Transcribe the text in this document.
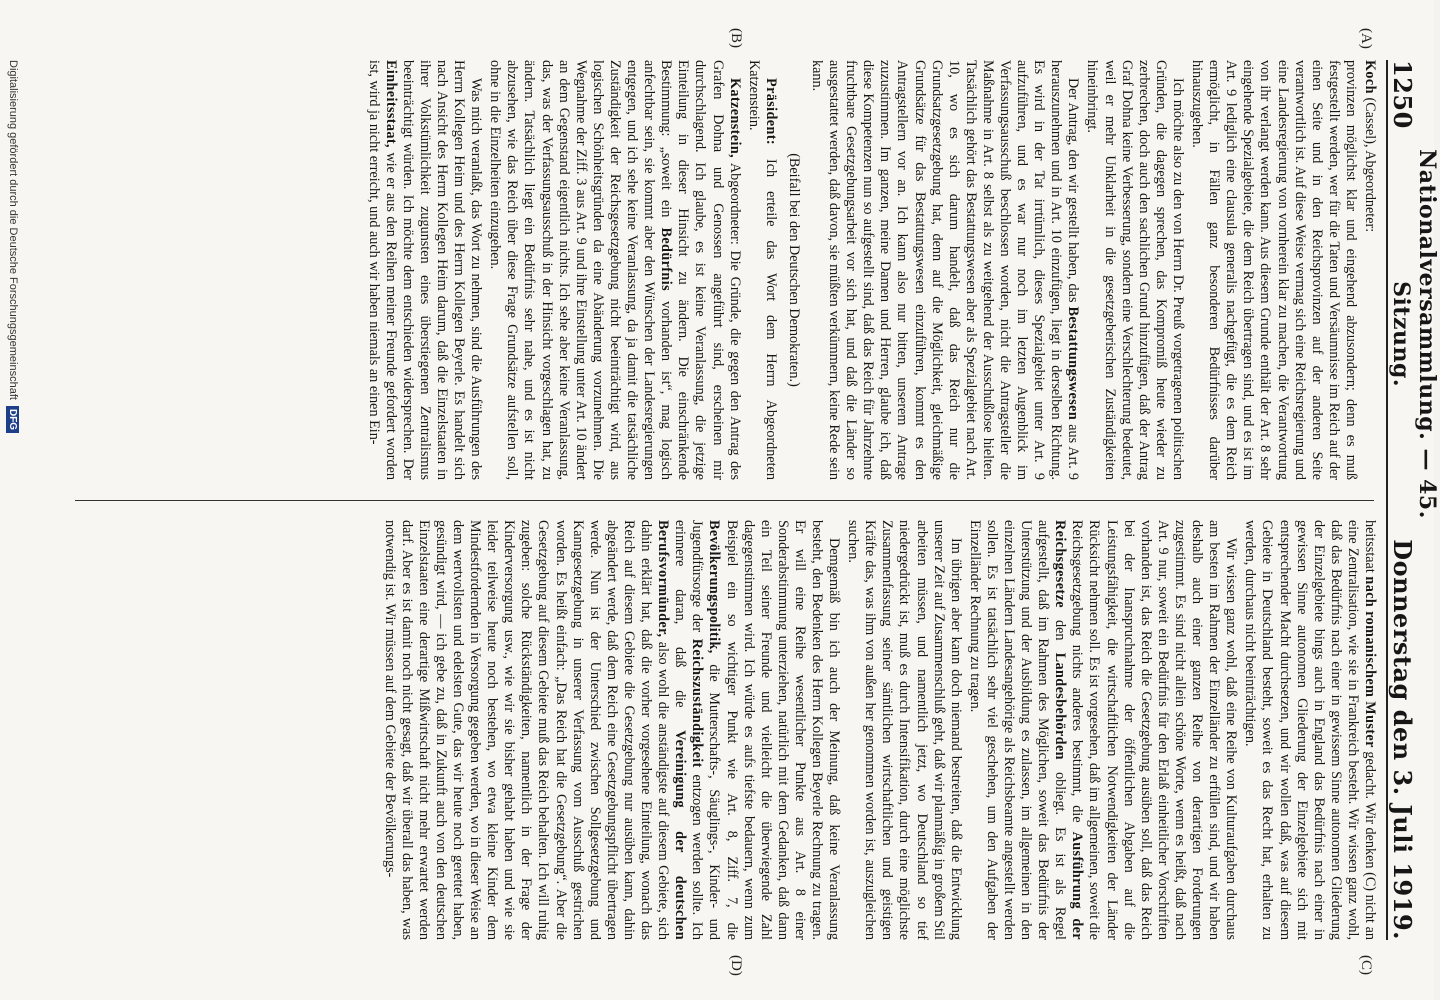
1250
Nationalversammlung. — 45. Sitzung.
Donnerstag den 3. Juli 1919.
(A)
(B)
(C)
(D)

Koch (Cassel), Abgeordneter:

provinzen möglichst klar und eingehend abzusondern; denn es muß festgestellt werden, wer für die Taten und Versäumnisse im Reich auf der einen Seite und in den Reichsprovinzen auf der anderen Seite verantwortlich ist. Auf diese Weise vermag sich eine Reichsregierung und eine Landesregierung von vornherein klar zu machen, die Verantwortung von ihr verlangt werden kann. Aus diesem Grunde enthält der Art. 8 sehr eingehende Spezialgebiete, die dem Reich übertragen sind, und es ist im Art. 9 lediglich eine clausula generalis nachgefügt, die es dem Reich ermöglicht, in Fällen ganz besonderen Bedürfnisses darüber hinauszugehen.

Ich möchte also zu den von Herrn Dr. Preuß vorgetragenen politischen Gründen, die dagegen sprechen, das Kompromiß heute wieder zu zerbrechen, doch auch den sachlichen Grund hinzufügen, daß der Antrag Graf Dohna keine Verbesserung, sondern eine Verschlechterung bedeutet, weil er mehr Unklarheit in die gesetzgeberischen Zuständigkeiten hineinbringt.

Der Antrag, den wir gestellt haben, das Bestattungswesen aus Art. 9 herauszunehmen und in Art. 10 einzufügen, liegt in derselben Richtung. Es wird in der Tat irrtümlich, dieses Spezialgebiet unter Art. 9 aufzuführen, und es war nur noch im letzten Augenblick im Verfassungsausschuß beschlossen worden, nicht die Antragsteller die Maßnahme in Art. 8 selbst als zu weitgehend der Ausschußlose hielten. Tatsächlich gehört das Bestattungswesen aber als Spezialgebiet nach Art. 10, wo es sich darum handelt, daß das Reich nur die Grundsatzgesetzgebung hat, denn auf die Möglichkeit, gleichmäßige Grundsätze für das Bestattungswesen einzuführen, kommt es den Antragstellern vor an. Ich kann also nur bitten, unserem Antrage zuzustimmen. Im ganzen, meine Damen und Herren, glaube ich, daß diese Kompetenzen nun so aufgestellt sind, daß das Reich für Jahrzehnte fruchtbare Gesetzgebungsarbeit vor sich hat, und daß die Länder so ausgestattet werden, daß davon, sie müßten verkümmern, keine Rede sein kann.

(Beifall bei den Deutschen Demokraten.)

Präsident: Ich erteile das Wort dem Herrn Abgeordneten Katzenstein.

Katzenstein, Abgeordneter: Die Gründe, die gegen den Antrag des Grafen Dohna und Genossen angeführt sind, erscheinen mir durchschlagend. Ich glaube, es ist keine Veranlassung, die jetzige Einteilung in dieser Hinsicht zu ändern. Die einschränkende Bestimmung: „soweit ein Bedürfnis vorhanden ist“, mag logisch anfechtbar sein, sie kommt aber den Wünschen der Landesregierungen entgegen, und ich sehe keine Veranlassung, da ja damit die tatsächliche Zuständigkeit der Reichsgesetzgebung nicht beeinträchtigt wird, aus logischen Schönheitsgründen da eine Abänderung vorzunehmen. Die Wegnahme der Ziff. 3 aus Art. 9 und ihre Einstellung unter Art. 10 ändert an dem Gegenstand eigentlich nichts. Ich sehe aber keine Veranlassung, das, was der Verfassungsausschuß in der Hinsicht vorgeschlagen hat, zu ändern. Tatsächlich liegt ein Bedürfnis sehr nahe, und es ist nicht abzusehen, wie das Reich über diese Frage Grundsätze aufstellen soll, ohne in die Einzelheiten einzugehen.

Was mich veranlaßt, das Wort zu nehmen, sind die Ausführungen des Herrn Kollegen Heim und des Herrn Kollegen Beyerle. Es handelt sich nach Ansicht des Herrn Kollegen Heim darum, daß die Einzelstaaten in ihrer Volkstümlichkeit zugunsten eines überstiegenen Zentralismus beeinträchtigt würden. Ich möchte dem entschieden widersprechen. Der Einheitsstaat, wie er aus den Reihen meiner Freunde gefordert worden ist, wird ja nicht erreicht, und auch wir haben niemals an einen Ein-

heitsstaat nach romanischem Muster gedacht. Wir denken (C) nicht an eine Zentralisation, wie sie in Frankreich besteht. Wir wissen ganz wohl, daß das Bedürfnis nach einer in gewissem Sinne autonomen Gliederung der Einzelgebiete bings auch in England das Bedürfnis nach einer in gewissen Sinne autonomen Gliederung der Einzelgebiete sich mit entsprechender Macht durchsetzen, und wir wollen daß, was auf diesem Gebiete in Deutschland besteht, soweit es das Recht hat, erhalten zu werden, durchaus nicht beeinträchtigen.

Wir wissen ganz wohl, daß eine Reihe von Kulturaufgaben durchaus am besten im Rahmen der Einzelländer zu erfüllen sind, und wir haben deshalb auch einer ganzen Reihe von derartigen Forderungen zugestimmt. Es sind nicht allein schöne Worte, wenn es heißt, daß nach Art. 9 nur, soweit ein Bedürfnis für den Erlaß einheitlicher Vorschriften vorhanden ist, das Reich die Gesetzgebung ausüben soll, daß das Reich bei der Inanspruchnahme der öffentlichen Abgaben auf die Leistungsfähigkeit, die wirtschaftlichen Notwendigkeiten der Länder Rücksicht nehmen soll. Es ist vorgesehen, daß im allgemeinen, soweit die Reichsgesetzgebung nichts anderes bestimmt, die Ausführung der Reichsgesetze den Landesbehörden obliegt. Es ist als Regel aufgestellt, daß im Rahmen des Möglichen, soweit das Bedürfnis der Unterstützung und der Ausbildung es zulassen, im allgemeinen in den einzelnen Ländern Landesangehörige als Reichsbeamte angestellt werden sollen. Es ist tatsächlich sehr viel geschehen, um den Aufgaben der Einzelländer Rechnung zu tragen.

Im übrigen aber kann doch niemand bestreiten, daß die Entwicklung unserer Zeit auf Zusammenschluß geht, daß wir planmäßig in großem Stil arbeiten müssen, und namentlich jetzt, wo Deutschland so tief niedergedrückt ist, muß es durch Intensifikation, durch eine möglichste Zusammenfassung seiner sämtlichen wirtschaftlichen und geistigen Kräfte das, was ihm von außen her genommen worden ist, auszugleichen suchen.

Demgemäß bin ich auch der Meinung, daß keine Veranlassung besteht, den Bedenken des Herrn Kollegen Beyerle Rechnung zu tragen. Er will eine Reihe wesentlicher Punkte aus Art. 8 einer Sonderabstimmung unterziehen, natürlich mit dem Gedanken, daß dann ein Teil seiner Freunde und vielleicht die überwiegende Zahl dagegenstimmen wird. Ich würde es aufs tiefste bedauern, wenn zum Beispiel ein so wichtiger Punkt wie Art. 8, Ziff. 7, die Bevölkerungspolitik, die Mutterschafts-, Säuglings-, Kinder- und Jugendfürsorge der Reichszuständigkeit entzogen werden sollte. Ich erinnere daran, daß die Vereinigung der deutschen Berufsvormünder, also wohl die anständigste auf diesem Gebiete, sich dahin erklärt hat, daß die vorher vorgesehene Einteilung, wonach das Reich auf diesem Gebiete die Gesetzgebung nur ausüben kann, dahin abgeändert werde, daß dem Reich eine Gesetzgebungspflicht übertragen werde. Nun ist der Unterschied zwischen Sollgesetzgebung und Kanngesetzgebung in unserer Verfassung vom Ausschuß gestrichen worden. Es heißt einfach: „Das Reich hat die Gesetzgebung“. Aber die Gesetzgebung auf diesem Gebiete muß das Reich behalten. Ich will ruhig zugeben: solche Rückständigkeiten, namentlich in der Frage der Kinderversorgung usw., wie wir sie bisher gehabt haben und wie sie leider teilweise heute noch bestehen, wo etwa kleine Kinder dem Mindestfordernden in Versorgung gegeben werden, wo in dieser Weise an dem wertvollsten und edelsten Gute, das wir heute noch gerettet haben, gesündigt wird, — ich gebe zu, daß in Zukunft auch von den deutschen Einzelstaaten eine derartige Mißwirtschaft nicht mehr erwartet werden darf. Aber es ist damit noch nicht gesagt, daß wir überall das haben, was notwendig ist. Wir müssen auf dem Gebiete der Bevölkerungs-

Digitalisierung gefördert durch die Deutsche Forschungsgemeinschaft
DFG
